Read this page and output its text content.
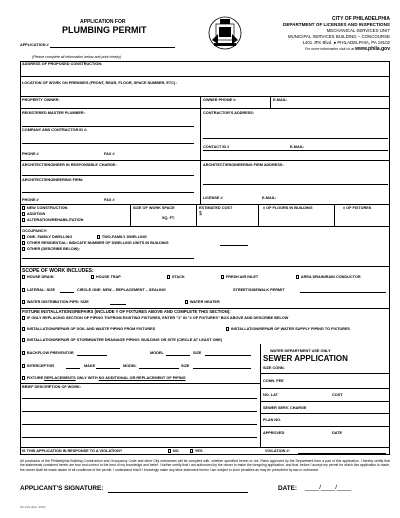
APPLICATION FOR
PLUMBING PERMIT
APPLICATION #
(Please complete all information below and print clearly)
CITY OF PHILADELPHIA
DEPARTMENT OF LICENSES AND INSPECTIONS
MECHANICAL SERVICES UNIT
MUNICIPAL SERVICES BUILDING – CONCOURSE
1401 JFK Blvd. ● PHILADELPHIA, PA 19102
For more information visit us at www.phila.gov
ADDRESS OF PROPOSED CONSTRUCTION:
LOCATION OF WORK ON PREMISES (FRONT, REAR, FLOOR, SPACE NUMBER, ETC) :
PROPERTY OWNER:	OWNER PHONE #:	E-MAIL:
REGISTERED MASTER PLUMBER:	CONTRACTOR'S ADDRESS:
COMPANY AND CONTRACTOR ID #:
CONTACT ID #	E-MAIL:
PHONE #	FAX #
ARCHITECT/ENGINEER IN RESPONSIBLE CHARGE:	ARCHITECT/ENGINEERING FIRM ADDRESS:
ARCHITECT/ENGINEERING FIRM:
LICENSE #	E-MAIL:
PHONE #	FAX #
NEW CONSTRUCTION
ADDITION
ALTERATION/REHABILITATION
SIZE OF WORK SPACE
SQ. FT.
ESTIMATED COST
$
# OF FLOORS IN BUILDING	# OF FIXTURES
OCCUPANCY:
ONE- FAMILY DWELLING	TWO-FAMILY DWELLING
OTHER RESIDENTIAL: INDICATE NUMBER OF DWELLING UNITS IN BUILDING
OTHER (DESCRIBE BELOW):
SCOPE OF WORK INCLUDES:
HOUSE DRAIN	HOUSE TRAP	STACK	FRESH AIR INLET	AREA DRAIN/RAIN CONDUCTOR
LATERAL: SIZE	CIRCLE ONE: NEW – REPLACEMENT – SEALING	STREET/SIDEWALK PERMIT
WATER DISTRIBUTION PIPE: SIZE	WATER HEATER
FIXTURE INSTALLATIONS/REPAIRS (INCLUDE # OF FIXTURES ABOVE AND COMPLETE THIS SECTION):
IF ONLY REPLACING SECTION OF PIPING TO/FROM EXISTING FIXTURES, ENTER "1" IN "# OF FIXTURES" BOX ABOVE AND DESCRIBE BELOW
INSTALLATION/REPAIR OF SOIL AND WASTE PIPING FROM FIXTURES	INSTALLATION/REPAIR OF WATER SUPPLY PIPING TO FIXTURES
INSTALLATION/REPAIR OF STORMWATER DRAINAGE PIPING: BUILDING OR SITE (CIRCLE AT LEAST ONE)
BACKFLOW PREVENTOR	MODEL	SIZE
INTERCEPTOR	MAKE	MODEL	SIZE
FIXTURE REPLACEMENTS ONLY WITH NO ADDITIONAL OR REPLACEMENT OF PIPING
BRIEF DESCRIPTION OF WORK:
WATER DEPARTMENT USE ONLY
SEWER APPLICATION
SIZE CONN.
CONN. FEE
NO. LAT	COST
SEWER SERV. CHARGE
PLAN NO.
APPROVED	DATE
IS THIS APPLICATION IN RESPONSE TO A VIOLATION?	NO	YES	VIOLATION #:
All provisions of the Philadelphia Building Construction and Occupancy Code and other City ordinances will be complied with, whether specified herein or not. Plans approved by the Department form a part of this application. I hereby certify that the statements contained herein are true and correct to the best of my knowledge and belief. I further certify that I am authorized by the owner to make the foregoing application, and that, before I accept my permit for which this application is made, the owner shall be made aware of all conditions of the permit. I understand that if I knowingly make any false statement herein I am subject to such penalties as may be prescribed by law or ordinance.
APPLICANT'S SIGNATURE:	DATE: ____/____/____
SF-21A (Rev. 9/00)
